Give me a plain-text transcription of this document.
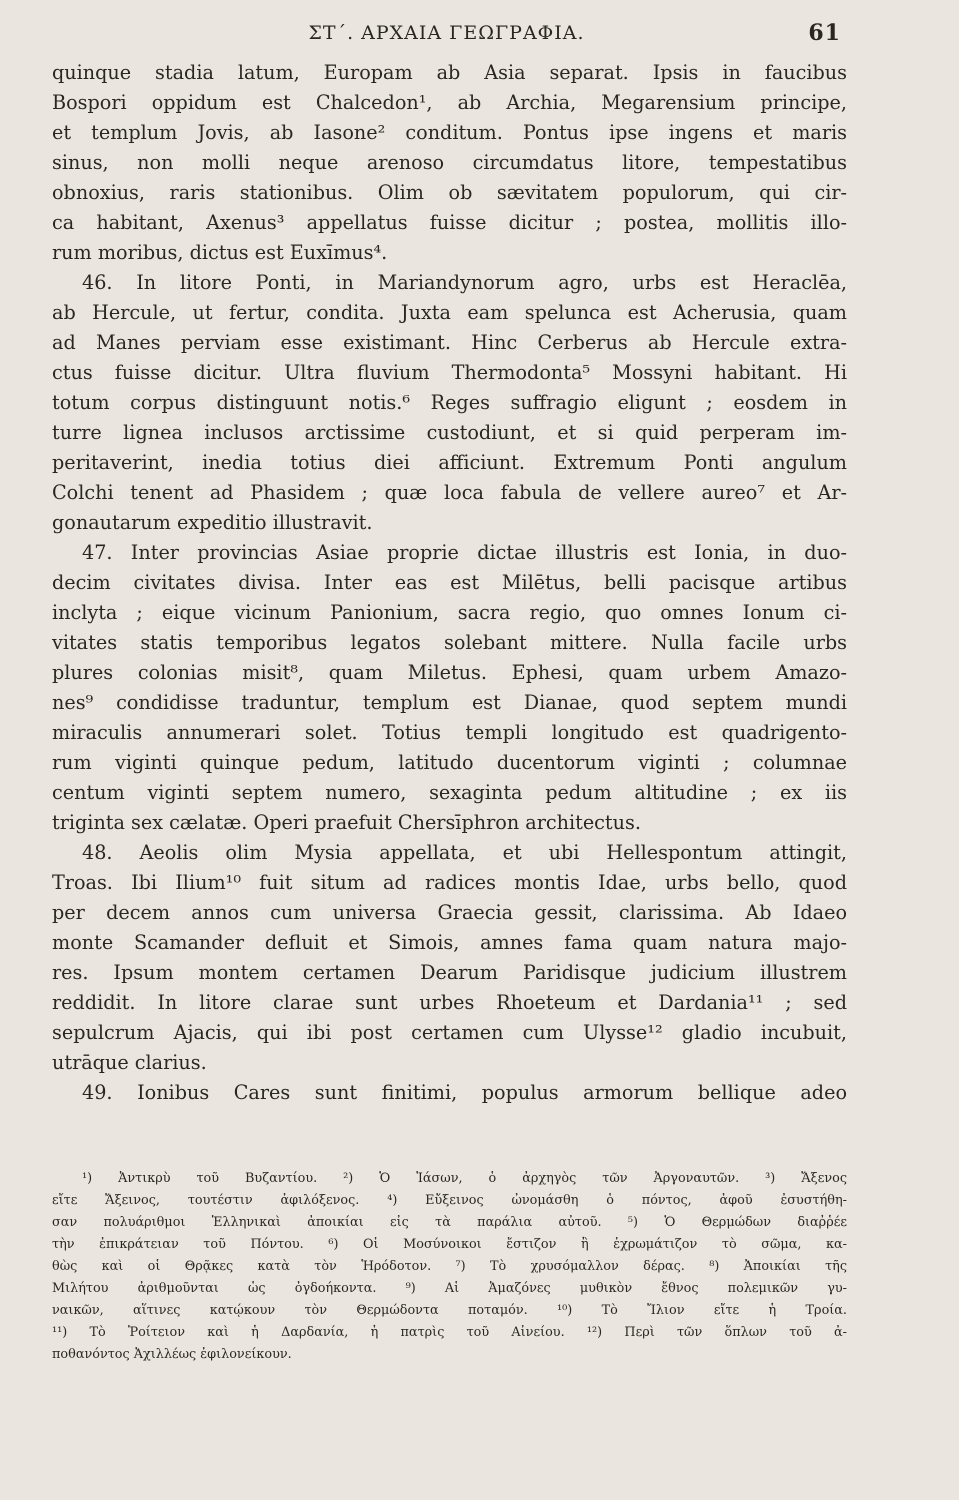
ΣΤ΄. ΑΡΧΑΙΑ ΓΕΩΓΡΑΦΙΑ.	61
quinque stadia latum, Europam ab Asia separat. Ipsis in faucibus
Bospori oppidum est Chalcedon¹, ab Archia, Megarensium principe,
et templum Jovis, ab Iasone² conditum. Pontus ipse ingens et maris
sinus, non molli neque arenoso circumdatus litore, tempestatibus
obnoxius, raris stationibus. Olim ob sævitatem populorum, qui cir-
ca habitant, Axenus³ appellatus fuisse dicitur ; postea, mollitis illo-
rum moribus, dictus est Euxīmus⁴.
46. In litore Ponti, in Mariandynorum agro, urbs est Heraclēa,
ab Hercule, ut fertur, condita. Juxta eam spelunca est Acherusia, quam
ad Manes perviam esse existimant. Hinc Cerberus ab Hercule extra-
ctus fuisse dicitur. Ultra fluvium Thermodonta⁵ Mossyni habitant. Hi
totum corpus distinguunt notis.⁶ Reges suffragio eligunt ; eosdem in
turre lignea inclusos arctissime custodiunt, et si quid perperam im-
peritaverint, inedia totius diei afficiunt. Extremum Ponti angulum
Colchi tenent ad Phasidem ; quæ loca fabula de vellere aureo⁷ et Ar-
gonautarum expeditio illustravit.
47. Inter provincias Asiae proprie dictae illustris est Ionia, in duo-
decim civitates divisa. Inter eas est Milētus, belli pacisque artibus
inclyta ; eique vicinum Panionium, sacra regio, quo omnes Ionum ci-
vitates statis temporibus legatos solebant mittere. Nulla facile urbs
plures colonias misit⁸, quam Miletus. Ephesi, quam urbem Amazo-
nes⁹ condidisse traduntur, templum est Dianae, quod septem mundi
miraculis annumerari solet. Totius templi longitudo est quadrigento-
rum viginti quinque pedum, latitudo ducentorum viginti ; columnae
centum viginti septem numero, sexaginta pedum altitudine ; ex iis
triginta sex cælatæ. Operi praefuit Chersīphron architectus.
48. Aeolis olim Mysia appellata, et ubi Hellespontum attingit,
Troas. Ibi Ilium¹⁰ fuit situm ad radices montis Idae, urbs bello, quod
per decem annos cum universa Graecia gessit, clarissima. Ab Idaeo
monte Scamander defluit et Simois, amnes fama quam natura majo-
res. Ipsum montem certamen Dearum Paridisque judicium illustrem
reddidit. In litore clarae sunt urbes Rhoeteum et Dardania¹¹ ; sed
sepulcrum Ajacis, qui ibi post certamen cum Ulysse¹² gladio incubuit,
utrāque clarius.
49. Ionibus Cares sunt finitimi, populus armorum bellique adeo
¹) Ἀντικρὺ τοῦ Βυζαντίου. ²) Ὁ Ἰάσων, ὁ ἀρχηγὸς τῶν Ἀργοναυτῶν. ³) Ἄξενος
εἴτε Ἄξεινος, τουτέστιν ἀφιλόξενος. ⁴) Εὔξεινος ὠνομάσθη ὁ πόντος, ἀφοῦ ἐσυστήθη-
σαν πολυάριθμοι Ἑλληνικαὶ ἀποικίαι εἰς τὰ παράλια αὐτοῦ. ⁵) Ὁ Θερμώδων διαῤῥέε
τὴν ἐπικράτειαν τοῦ Πόντου. ⁶) Οἱ Μοσύνοικοι ἔστιζον ἢ ἐχρωμάτιζον τὸ σῶμα, κα-
θὼς καὶ οἱ Θρᾷκες κατὰ τὸν Ἡρόδοτον. ⁷) Τὸ χρυσόμαλλον δέρας. ⁸) Ἀποικίαι τῆς
Μιλήτου ἀριθμοῦνται ὡς ὀγδοήκοντα. ⁹) Αἱ Ἀμαζόνες μυθικὸν ἔθνος πολεμικῶν γυ-
ναικῶν, αἵτινες κατῴκουν τὸν Θερμώδοντα ποταμόν. ¹⁰) Τὸ Ἴλιον εἴτε ἡ Τροία.
¹¹) Τὸ Ῥοίτειον καὶ ἡ Δαρδανία, ἡ πατρὶς τοῦ Αἰνείου. ¹²) Περὶ τῶν ὅπλων τοῦ ἀ-
ποθανόντος Ἀχιλλέως ἐφιλονείκουν.
